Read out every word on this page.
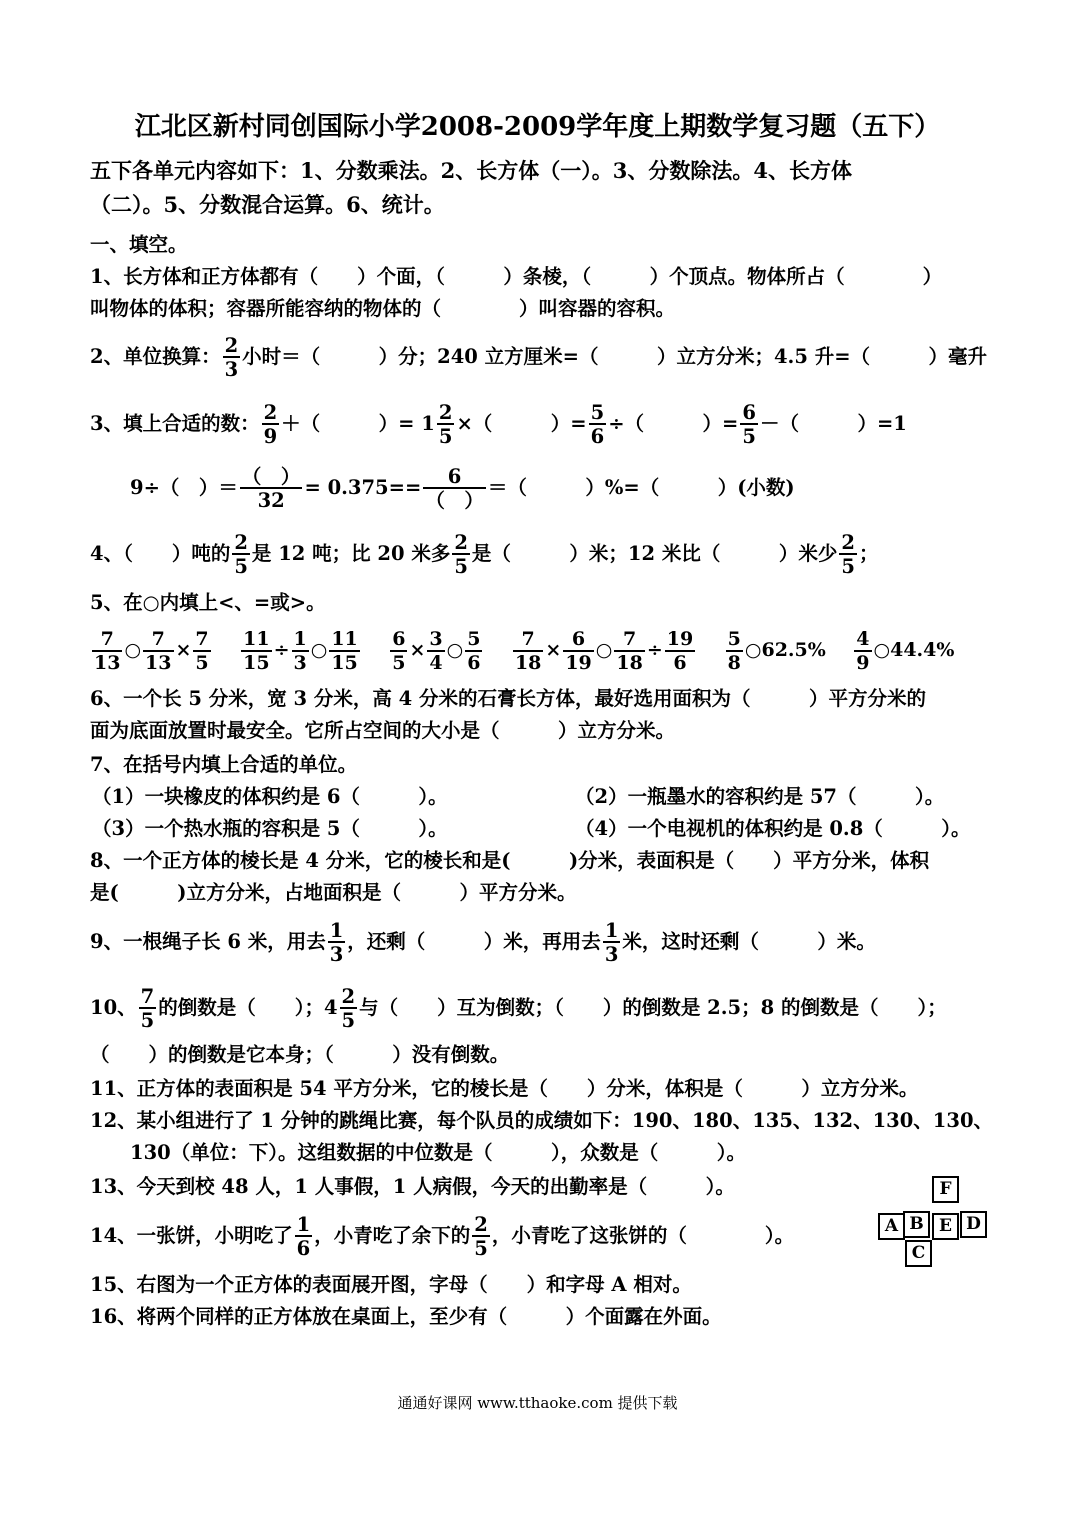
江北区新村同创国际小学2008-2009学年度上期数学复习题（五下）
五下各单元内容如下：1、分数乘法。2、长方体（一）。3、分数除法。4、长方体
（二）。5、分数混合运算。6、统计。
一、填空。
1、长方体和正方体都有（　　）个面，（　　　）条棱，（　　　）个顶点。物体所占（　　　　）
叫物体的体积；容器所能容纳的物体的（　　　　）叫容器的容积。
2、单位换算： $\frac{2}{3}$ 小时＝（　　　）分；240 立方厘米=（　　　）立方分米；4.5 升=（　　　）毫升
3、填上合适的数： $\frac{2}{9}$ ＋（　　　）= $1 \frac{2}{5}$ ×（　　　）= $\frac{5}{6}$ ÷（　　　）= $\frac{6}{5}$ －（　　　）=1
9÷（　）＝ $\frac{( )}{32} = 0.375== \frac{6}{( )}$ ＝（　　　）%=（　　　）(小数)
4、（　　）吨的 $\frac{2}{5}$ 是 12 吨；比 20 米多 $\frac{2}{5}$ 是（　　　）米；12 米比（　　　）米少 $\frac{2}{5}$ ；
5、在○内填上<、=或>。
$\frac{7}{13}$ ○ $\frac{7}{13} \times \frac{7}{5}$
$\frac{11}{15} \div \frac{1}{3}$ ○ $\frac{11}{15}$
$\frac{6}{5} \times \frac{3}{4}$ ○ $\frac{5}{6}$
$\frac{7}{18} \times \frac{6}{19}$ ○ $\frac{7}{18} \div \frac{19}{6}$
$\frac{5}{8}$ ○62.5% $\frac{4}{9}$ ○44.4%
6、一个长 5 分米，宽 3 分米，高 4 分米的石膏长方体，最好选用面积为（　　　）平方分米的
面为底面放置时最安全。它所占空间的大小是（　　　）立方分米。
7、在括号内填上合适的单位。
（1）一块橡皮的体积约是 6（　　　）。	（2）一瓶墨水的容积约是 57（　　　）。
（3）一个热水瓶的容积是 5（　　　）。	（4）一个电视机的体积约是 0.8（　　　）。
8、一个正方体的棱长是 4 分米，它的棱长和是(　　　)分米，表面积是（　　）平方分米，体积
是(　　　)立方分米，占地面积是（　　　）平方分米。
9、一根绳子长 6 米，用去 $\frac{1}{3}$ ，还剩（　　　）米，再用去 $\frac{1}{3}$ 米，这时还剩（　　　）米。
10、 $\frac{7}{5}$ 的倒数是（　　）；$4 \frac{2}{5}$ 与（　　）互为倒数；（　　）的倒数是 2.5；8 的倒数是（　　）；
（　　）的倒数是它本身；（　　　）没有倒数。
11、正方体的表面积是 54 平方分米，它的棱长是（　　）分米，体积是（　　　）立方分米。
12、某小组进行了 1 分钟的跳绳比赛，每个队员的成绩如下：190、180、135、132、130、130、
130（单位：下）。这组数据的中位数是（　　　），众数是（　　　）。
13、今天到校 48 人，1 人事假，1 人病假，今天的出勤率是（　　　）。
14、一张饼，小明吃了 $\frac{1}{6}$ ，小青吃了余下的 $\frac{2}{5}$ ，小青吃了这张饼的（　　　　）。
F
A B E D
C
15、右图为一个正方体的表面展开图，字母（　　）和字母 A 相对。
16、将两个同样的正方体放在桌面上，至少有（　　　）个面露在外面。
通通好课网 www.tthaoke.com 提供下载
